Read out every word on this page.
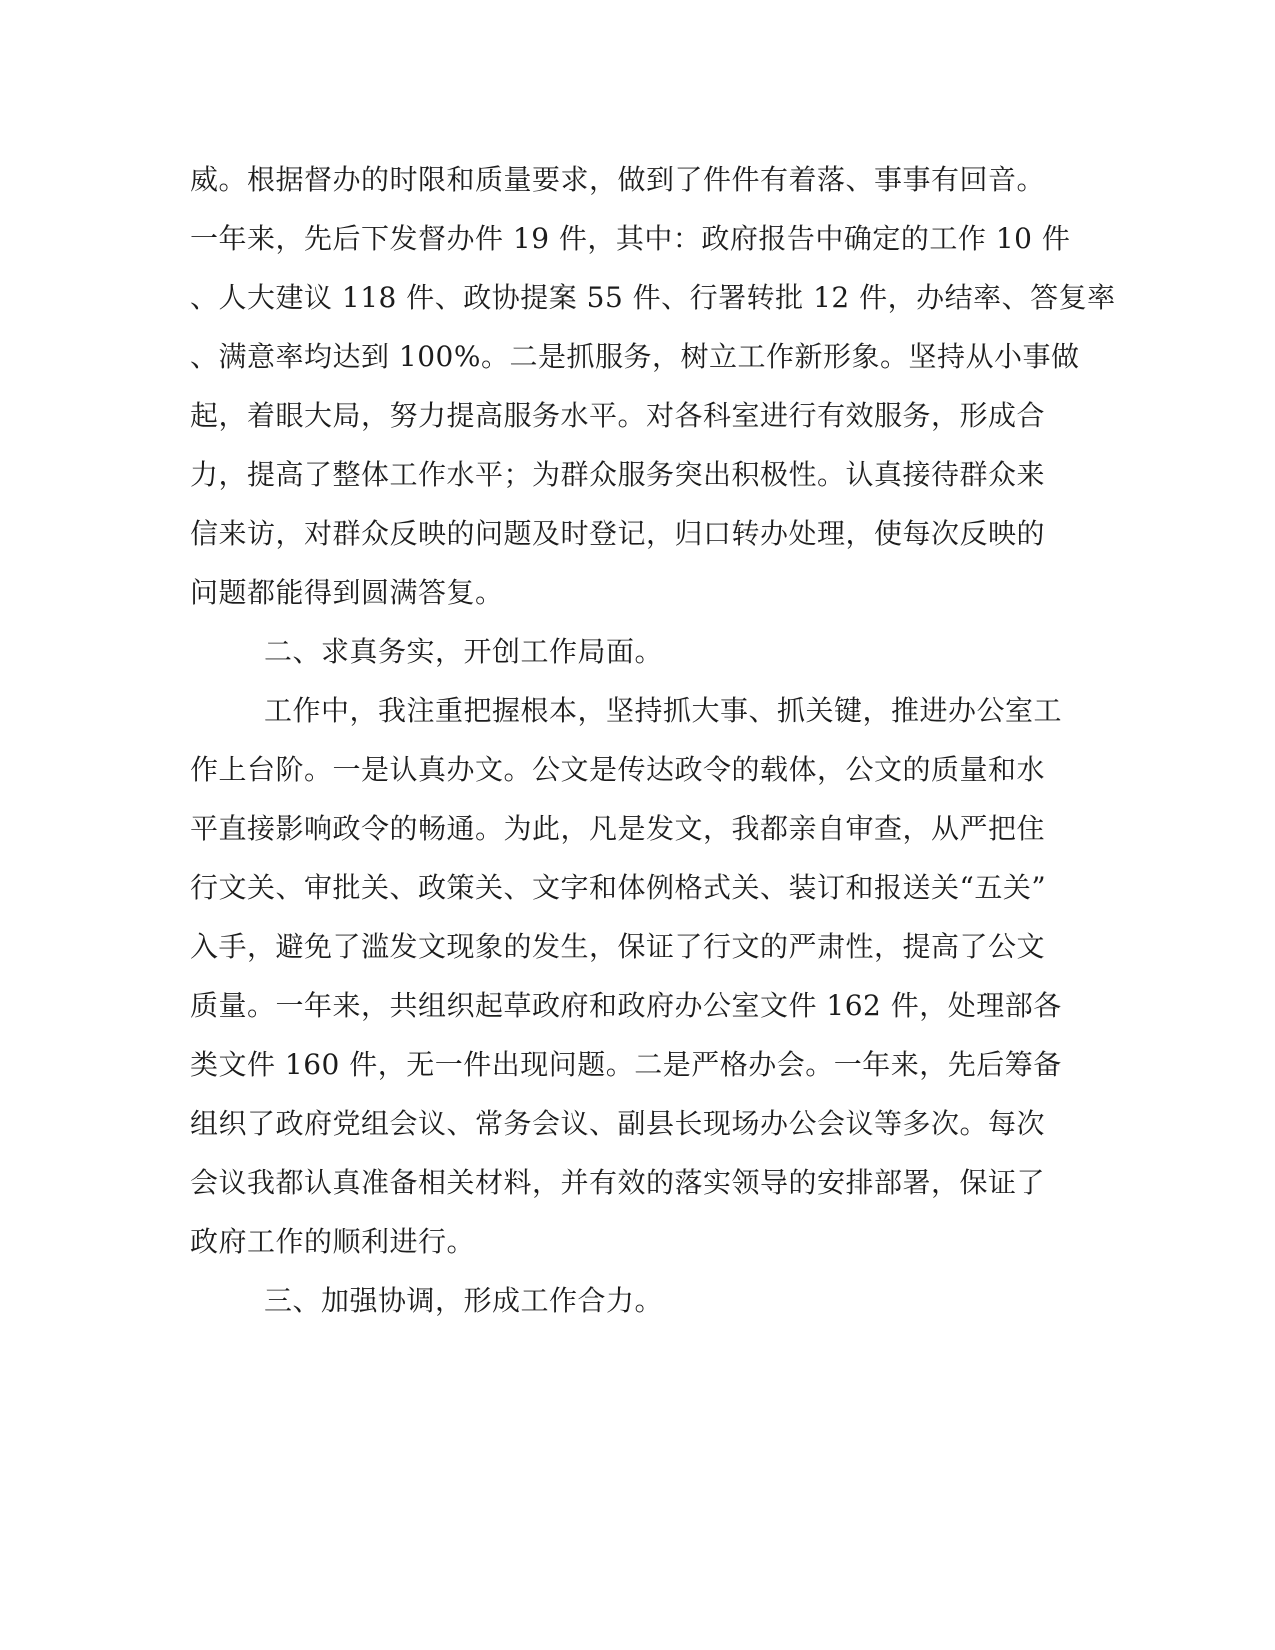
威。根据督办的时限和质量要求，做到了件件有着落、事事有回音。
一年来，先后下发督办件 19 件，其中：政府报告中确定的工作 10 件
、人大建议 118 件、政协提案 55 件、行署转批 12 件，办结率、答复率
、满意率均达到 100%。二是抓服务，树立工作新形象。坚持从小事做
起，着眼大局，努力提高服务水平。对各科室进行有效服务，形成合
力，提高了整体工作水平；为群众服务突出积极性。认真接待群众来
信来访，对群众反映的问题及时登记，归口转办处理，使每次反映的
问题都能得到圆满答复。
二、求真务实，开创工作局面。
工作中，我注重把握根本，坚持抓大事、抓关键，推进办公室工
作上台阶。一是认真办文。公文是传达政令的载体，公文的质量和水
平直接影响政令的畅通。为此，凡是发文，我都亲自审查，从严把住
行文关、审批关、政策关、文字和体例格式关、装订和报送关“五关”
入手，避免了滥发文现象的发生，保证了行文的严肃性，提高了公文
质量。一年来，共组织起草政府和政府办公室文件 162 件，处理部各
类文件 160 件，无一件出现问题。二是严格办会。一年来，先后筹备
组织了政府党组会议、常务会议、副县长现场办公会议等多次。每次
会议我都认真准备相关材料，并有效的落实领导的安排部署，保证了
政府工作的顺利进行。
三、加强协调，形成工作合力。
